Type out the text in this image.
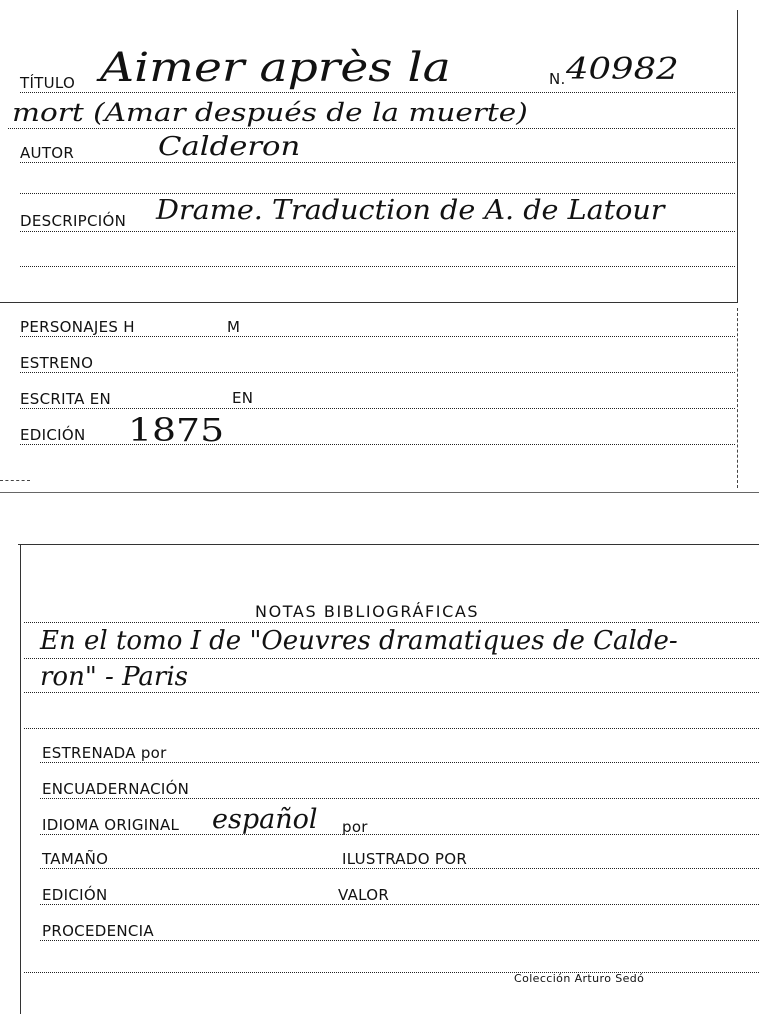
TÍTULO Aimer après la	N. 40982
mort (Amar después de la muerte)
AUTOR	Calderon
DESCRIPCIÓN Drame. Traduction de A. de Latour
PERSONAJES H	M
ESTRENO
ESCRITA EN	EN
EDICIÓN 1875
NOTAS BIBLIOGRÁFICAS
En el tomo I de "Oeuvres dramatiques de Calde-
ron" - Paris
ESTRENADA por
ENCUADERNACIÓN
IDIOMA ORIGINAL español por
TAMAÑO	ILUSTRADO POR
EDICIÓN	VALOR
PROCEDENCIA
Colección Arturo Sedó
